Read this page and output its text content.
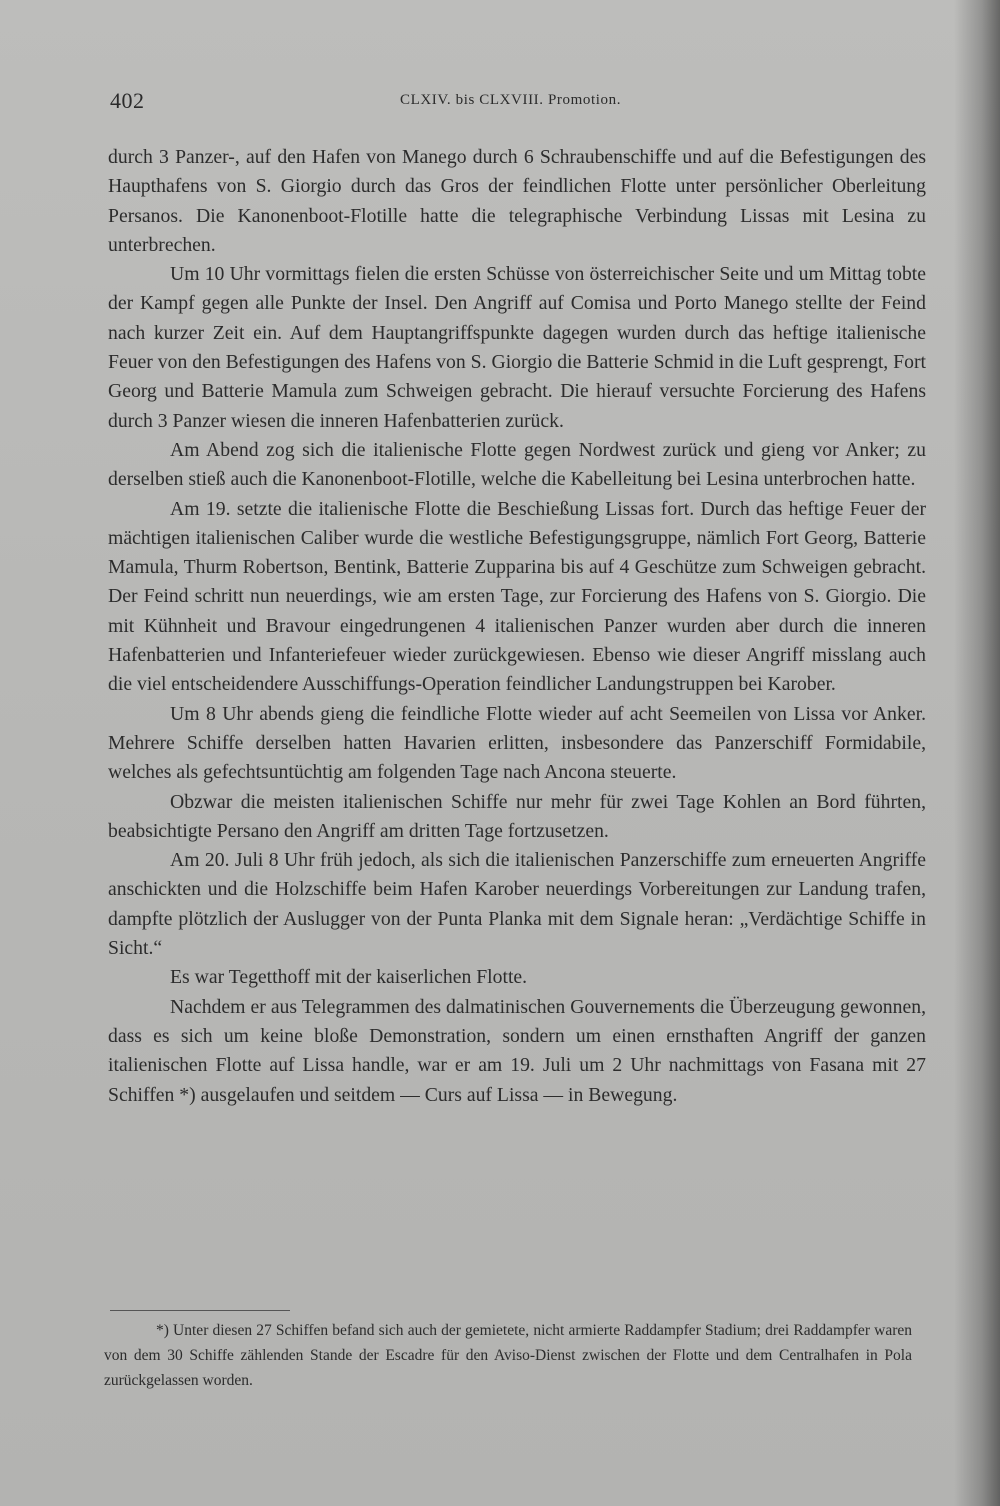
402	CLXIV. bis CLXVIII. Promotion.

durch 3 Panzer-, auf den Hafen von Manego durch 6 Schraubenschiffe und auf die Befestigungen des Haupthafens von S. Giorgio durch das Gros der feindlichen Flotte unter persönlicher Oberleitung Persanos. Die Kanonenboot-Flotille hatte die telegraphische Verbindung Lissas mit Lesina zu unterbrechen.

Um 10 Uhr vormittags fielen die ersten Schüsse von österreichischer Seite und um Mittag tobte der Kampf gegen alle Punkte der Insel. Den Angriff auf Comisa und Porto Manego stellte der Feind nach kurzer Zeit ein. Auf dem Hauptangriffspunkte dagegen wurden durch das heftige italienische Feuer von den Befestigungen des Hafens von S. Giorgio die Batterie Schmid in die Luft gesprengt, Fort Georg und Batterie Mamula zum Schweigen gebracht. Die hierauf versuchte Forcierung des Hafens durch 3 Panzer wiesen die inneren Hafenbatterien zurück.

Am Abend zog sich die italienische Flotte gegen Nordwest zurück und gieng vor Anker; zu derselben stieß auch die Kanonenboot-Flotille, welche die Kabelleitung bei Lesina unterbrochen hatte.

Am 19. setzte die italienische Flotte die Beschießung Lissas fort. Durch das heftige Feuer der mächtigen italienischen Caliber wurde die westliche Befestigungsgruppe, nämlich Fort Georg, Batterie Mamula, Thurm Robertson, Bentink, Batterie Zupparina bis auf 4 Geschütze zum Schweigen gebracht. Der Feind schritt nun neuerdings, wie am ersten Tage, zur Forcierung des Hafens von S. Giorgio. Die mit Kühnheit und Bravour eingedrungenen 4 italienischen Panzer wurden aber durch die inneren Hafenbatterien und Infanteriefeuer wieder zurückgewiesen. Ebenso wie dieser Angriff misslang auch die viel entscheidendere Ausschiffungs-Operation feindlicher Landungstruppen bei Karober.

Um 8 Uhr abends gieng die feindliche Flotte wieder auf acht Seemeilen von Lissa vor Anker. Mehrere Schiffe derselben hatten Havarien erlitten, insbesondere das Panzerschiff Formidabile, welches als gefechtsuntüchtig am folgenden Tage nach Ancona steuerte.

Obzwar die meisten italienischen Schiffe nur mehr für zwei Tage Kohlen an Bord führten, beabsichtigte Persano den Angriff am dritten Tage fortzusetzen.

Am 20. Juli 8 Uhr früh jedoch, als sich die italienischen Panzerschiffe zum erneuerten Angriffe anschickten und die Holzschiffe beim Hafen Karober neuerdings Vorbereitungen zur Landung trafen, dampfte plötzlich der Auslugger von der Punta Planka mit dem Signale heran: „Verdächtige Schiffe in Sicht.“

Es war Tegetthoff mit der kaiserlichen Flotte.

Nachdem er aus Telegrammen des dalmatinischen Gouvernements die Überzeugung gewonnen, dass es sich um keine bloße Demonstration, sondern um einen ernsthaften Angriff der ganzen italienischen Flotte auf Lissa handle, war er am 19. Juli um 2 Uhr nachmittags von Fasana mit 27 Schiffen *) ausgelaufen und seitdem — Curs auf Lissa — in Bewegung.

*) Unter diesen 27 Schiffen befand sich auch der gemietete, nicht armierte Raddampfer Stadium; drei Raddampfer waren von dem 30 Schiffe zählenden Stande der Escadre für den Aviso-Dienst zwischen der Flotte und dem Centralhafen in Pola zurückgelassen worden.
